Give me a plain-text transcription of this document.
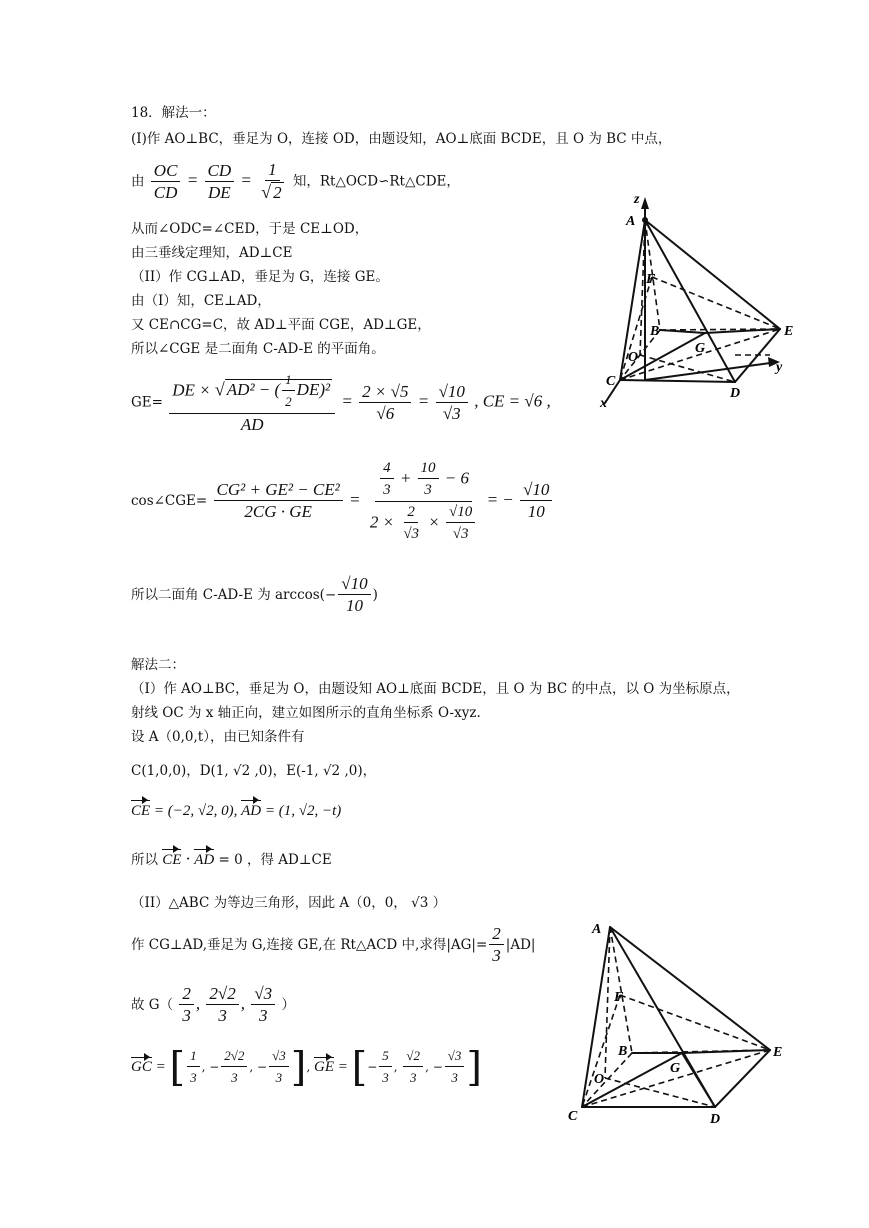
18．解法一：
(I)作 AO⊥BC，垂足为 O，连接 OD，由题设知，AO⊥底面 BCDE，且 O 为 BC 中点，
由 $\frac{OC}{CD} = \frac{CD}{DE} = \frac{1}{√ 2}$ 知，Rt△OCD∽Rt△CDE，
从而∠ODC=∠CED，于是 CE⊥OD，
由三垂线定理知，AD⊥CE
（II）作 CG⊥AD，垂足为 G，连接 GE。
由（I）知，CE⊥AD，
又 CE∩CG=C，故 AD⊥平面 CGE，AD⊥GE，
所以∠CGE 是二面角 C-AD-E 的平面角。
$GE= \frac{DE \times √ AD^2 - ( \frac{1}{2} DE)^2}{AD} = \frac{2 \times √5}{√6} = \frac{√10}{√3}$ , CE = √6 ,
cos∠CGE= $\frac{\text{CG² + GE² − CE²}}{2CG \cdot GE} = \frac{\frac{4}{3} + \frac{10}{3} - 6}{2 \times \frac{2}{√3} \times \frac{√10}{√3}}$ = − $\frac{√10}{10}$
所以二面角 C-AD-E 为 $\arccos(- \frac{√10}{10}$ )
解法二：
（I）作 AO⊥BC，垂足为 O，由题设知 AO⊥底面 BCDE，且 O 为 BC 的中点，以 O 为坐标原点，
射线 OC 为 x 轴正向，建立如图所示的直角坐标系 O-xyz.
设 A（0,0,t），由已知条件有
C(1,0,0)，D(1, √2 ,0)，E(-1, √2 ,0)，
CE = (−2, √2, 0), AD = (1, √2, −t)
所以 CE · AD = 0 ，得 AD⊥CE
（II）△ABC 为等边三角形，因此 A（0，0， √3 ）
作 CG⊥AD,垂足为 G,连接 GE,在 Rt△ACD 中,求得$|AG|= \frac{2}{3} |AD|$
故 $G( \frac{2}{3}$ , $\frac{2√2}{3}$ , $\frac{√3}{3}$ ）
GC = [ $\frac{1}{3}$ , − $\frac{2√2}{3}$ , − $\frac{√3}{3}$ ], GE = [− $\frac{5}{3}$ , $\frac{√2}{3}$ , − $\frac{√3}{3}$ ]
z
A
F
B
G
E
O
y
C
D
x
A
F
B
G
E
O
C	D
